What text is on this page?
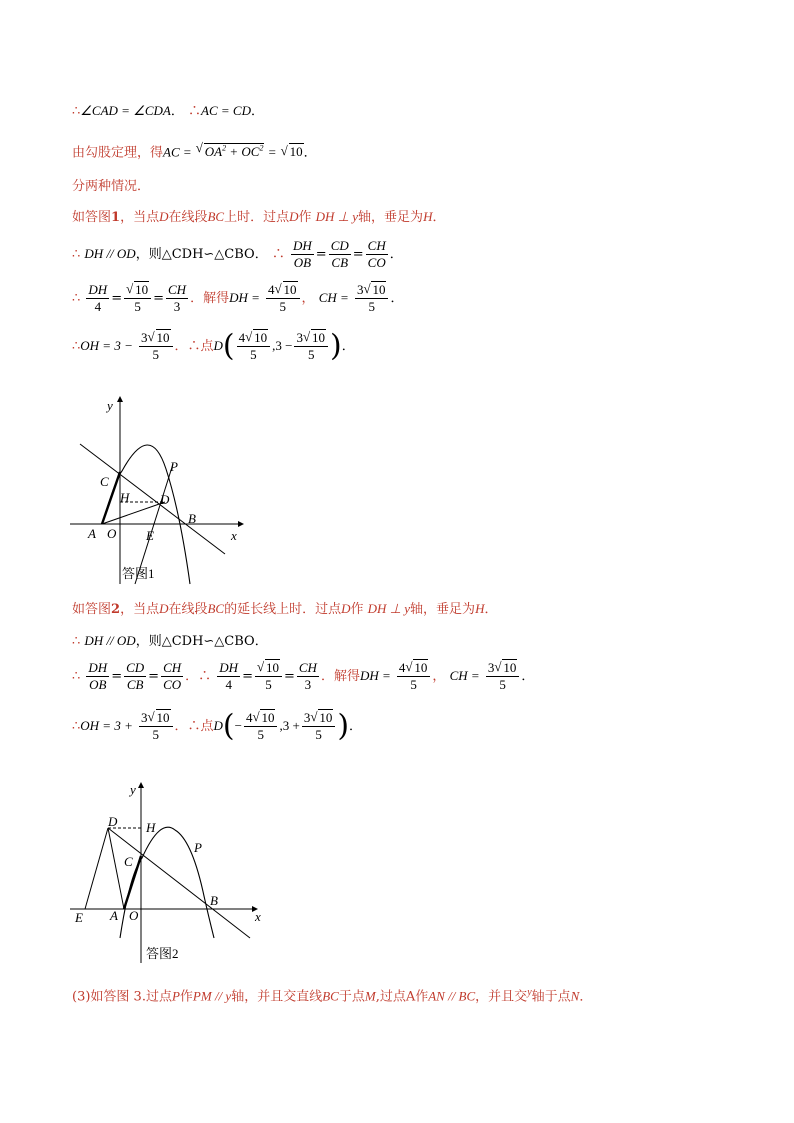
∴∠CAD = ∠CDA． ∴AC = CD．
由勾股定理，得AC = √ $OA^2 + OC^2$ = √ 10．
分两种情况．
如答图1，当点D在线段BC上时．过点D作 DH ⊥ y轴，垂足为H．
∴ DH // OD，则△CDH∽△CBO． ∴ $\frac{DH}{OB} = \frac{CD}{CB} = \frac{CH}{CO}$ ．
∴ $\frac{DH}{4}$ = √ $\frac{10}{5} = \frac{CH}{3}$ ．解得DH = $\frac{4 √ 10}{5}$ ， CH = $\frac{3 √ 10}{5}$ ．
∴OH = $3 - \frac{3 √ 10}{5}$ ．∴点$D( \frac{4 √ 10}{5} ,3 - \frac{3 √ 10}{5}$ )．
y
x
C
H D
P
A O
B
E
答图1
如答图2，当点D在线段BC的延长线上时．过点D作 DH ⊥ y轴，垂足为H．
∴ DH // OD，则△CDH∽△CBO．
∴ $\frac{DH}{OB} = \frac{CD}{CB} = \frac{CH}{CO}$ ．∴ $\frac{DH}{4}$ = √ $\frac{10}{5} = \frac{CH}{3}$ ．解得DH = $\frac{4 √ 10}{5}$ ， CH = $\frac{3 √ 10}{5}$ ．
∴OH = $3 + \frac{3 √ 10}{5}$ ．∴点$D(- \frac{4 √ 10}{5} ,3 + \frac{3 √ 10}{5}$ )．
y
x
D H
C
P
A O
B
E
答图2
(3)如答图 3.过点P作PM // y轴，并且交直线BC于点M,过点A作AN // BC，并且交$^y$轴于点N．
